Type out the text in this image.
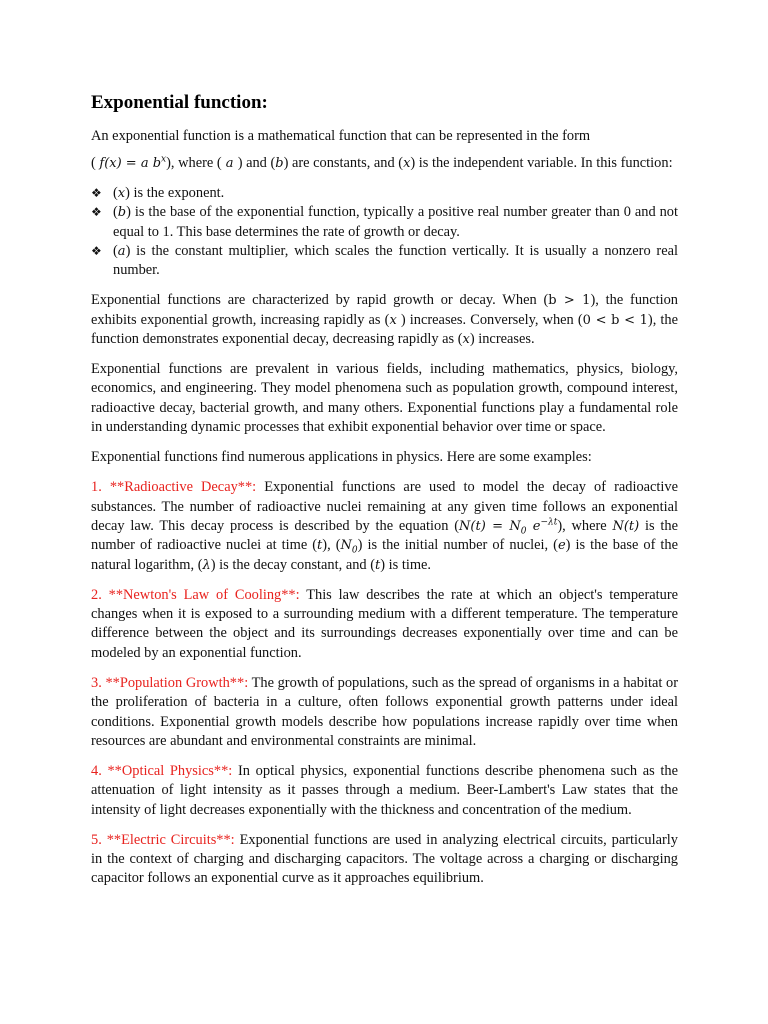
Exponential function:

An exponential function is a mathematical function that can be represented in the form

( f(x) = a $b^x$), where ( a ) and (b) are constants, and (x) is the independent variable. In this function:

❖ (x) is the exponent.
❖ (b) is the base of the exponential function, typically a positive real number greater than 0 and not equal to 1. This base determines the rate of growth or decay.
❖ (a) is the constant multiplier, which scales the function vertically. It is usually a nonzero real number.

Exponential functions are characterized by rapid growth or decay. When (b > 1), the function exhibits exponential growth, increasing rapidly as (x ) increases. Conversely, when (0 < b < 1), the function demonstrates exponential decay, decreasing rapidly as (x) increases.

Exponential functions are prevalent in various fields, including mathematics, physics, biology, economics, and engineering. They model phenomena such as population growth, compound interest, radioactive decay, bacterial growth, and many others. Exponential functions play a fundamental role in understanding dynamic processes that exhibit exponential behavior over time or space.

Exponential functions find numerous applications in physics. Here are some examples:

1. **Radioactive Decay**: Exponential functions are used to model the decay of radioactive substances. The number of radioactive nuclei remaining at any given time follows an exponential decay law. This decay process is described by the equation ($N(t) = N_0$ $e^{-\lambda t}$), where N(t) is the number of radioactive nuclei at time (t), $(N_0)$ is the initial number of nuclei, (e) is the base of the natural logarithm, (λ) is the decay constant, and (t) is time.

2. **Newton's Law of Cooling**: This law describes the rate at which an object's temperature changes when it is exposed to a surrounding medium with a different temperature. The temperature difference between the object and its surroundings decreases exponentially over time and can be modeled by an exponential function.

3. **Population Growth**: The growth of populations, such as the spread of organisms in a habitat or the proliferation of bacteria in a culture, often follows exponential growth patterns under ideal conditions. Exponential growth models describe how populations increase rapidly over time when resources are abundant and environmental constraints are minimal.

4. **Optical Physics**: In optical physics, exponential functions describe phenomena such as the attenuation of light intensity as it passes through a medium. Beer-Lambert's Law states that the intensity of light decreases exponentially with the thickness and concentration of the medium.

5. **Electric Circuits**: Exponential functions are used in analyzing electrical circuits, particularly in the context of charging and discharging capacitors. The voltage across a charging or discharging capacitor follows an exponential curve as it approaches equilibrium.
